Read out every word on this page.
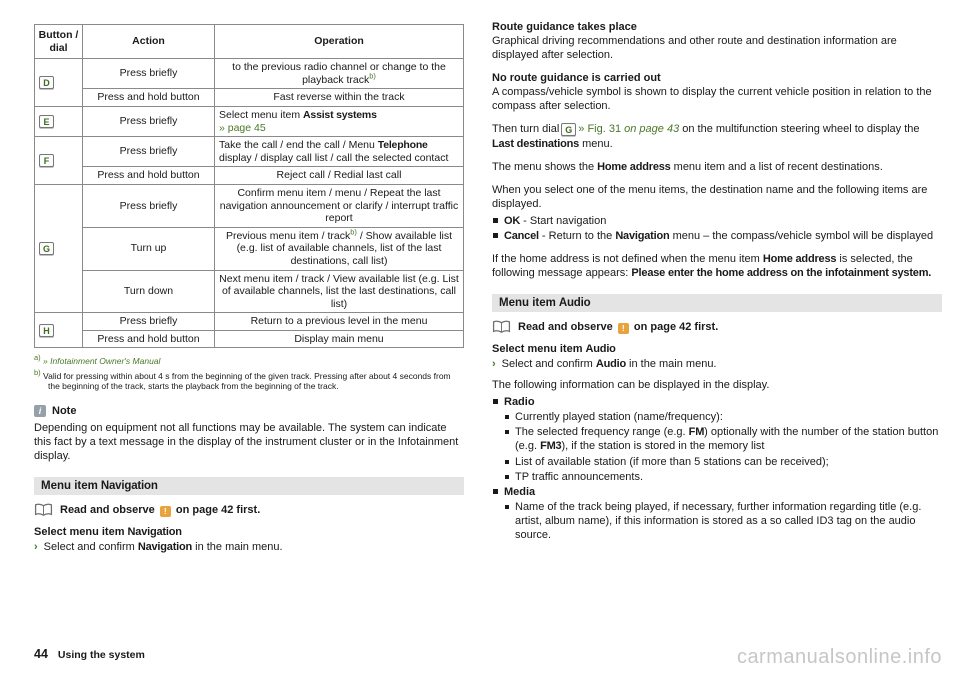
Button /
dial	Action	Operation
D	Press briefly	to the previous radio channel or change to the playback track$^{b)}$
	Press and hold button	Fast reverse within the track
E	Press briefly	Select menu item Assist systems
» page 45
F	Press briefly	Take the call / end the call / Menu Telephone display / display call list / call the selected contact
	Press and hold button	Reject call / Redial last call
G	Press briefly	Confirm menu item / menu / Repeat the last navigation announcement or clarify / interrupt traffic report
	Turn up	Previous menu item / track$^{b)}$ / Show available list (e.g. list of available channels, list of the last destinations, call list)
	Turn down	Next menu item / track / View available list (e.g. List of available channels, list the last destinations, call list)
H	Press briefly	Return to a previous level in the menu
	Press and hold button	Display main menu
a) » Infotainment Owner's Manual
b) Valid for pressing within about 4 s from the beginning of the given track. Pressing after about 4 seconds from the beginning of the track, starts the playback from the beginning of the track.
i Note
Depending on equipment not all functions may be available. The system can indicate this fact by a text message in the display of the instrument cluster or in the Infotainment display.
Menu item Navigation
Read and observe ! on page 42 first.
Select menu item Navigation
› Select and confirm Navigation in the main menu.
Route guidance takes place
Graphical driving recommendations and other route and destination information are displayed after selection.
No route guidance is carried out
A compass/vehicle symbol is shown to display the current vehicle position in relation to the compass after selection.
Then turn dial G » Fig. 31 on page 43 on the multifunction steering wheel to display the Last destinations menu.
The menu shows the Home address menu item and a list of recent destinations.
When you select one of the menu items, the destination name and the following items are displayed.
OK - Start navigation
Cancel - Return to the Navigation menu – the compass/vehicle symbol will be displayed
If the home address is not defined when the menu item Home address is selected, the following message appears: Please enter the home address on the infotainment system.
Menu item Audio
Read and observe ! on page 42 first.
Select menu item Audio
› Select and confirm Audio in the main menu.
The following information can be displayed in the display.
Radio
Currently played station (name/frequency):
The selected frequency range (e.g. FM) optionally with the number of the station button (e.g. FM3), if the station is stored in the memory list
List of available station (if more than 5 stations can be received);
TP traffic announcements.
Media
Name of the track being played, if necessary, further information regarding title (e.g. artist, album name), if this information is stored as a so called ID3 tag on the audio source.
44 Using the system	carmanualsonline.info
